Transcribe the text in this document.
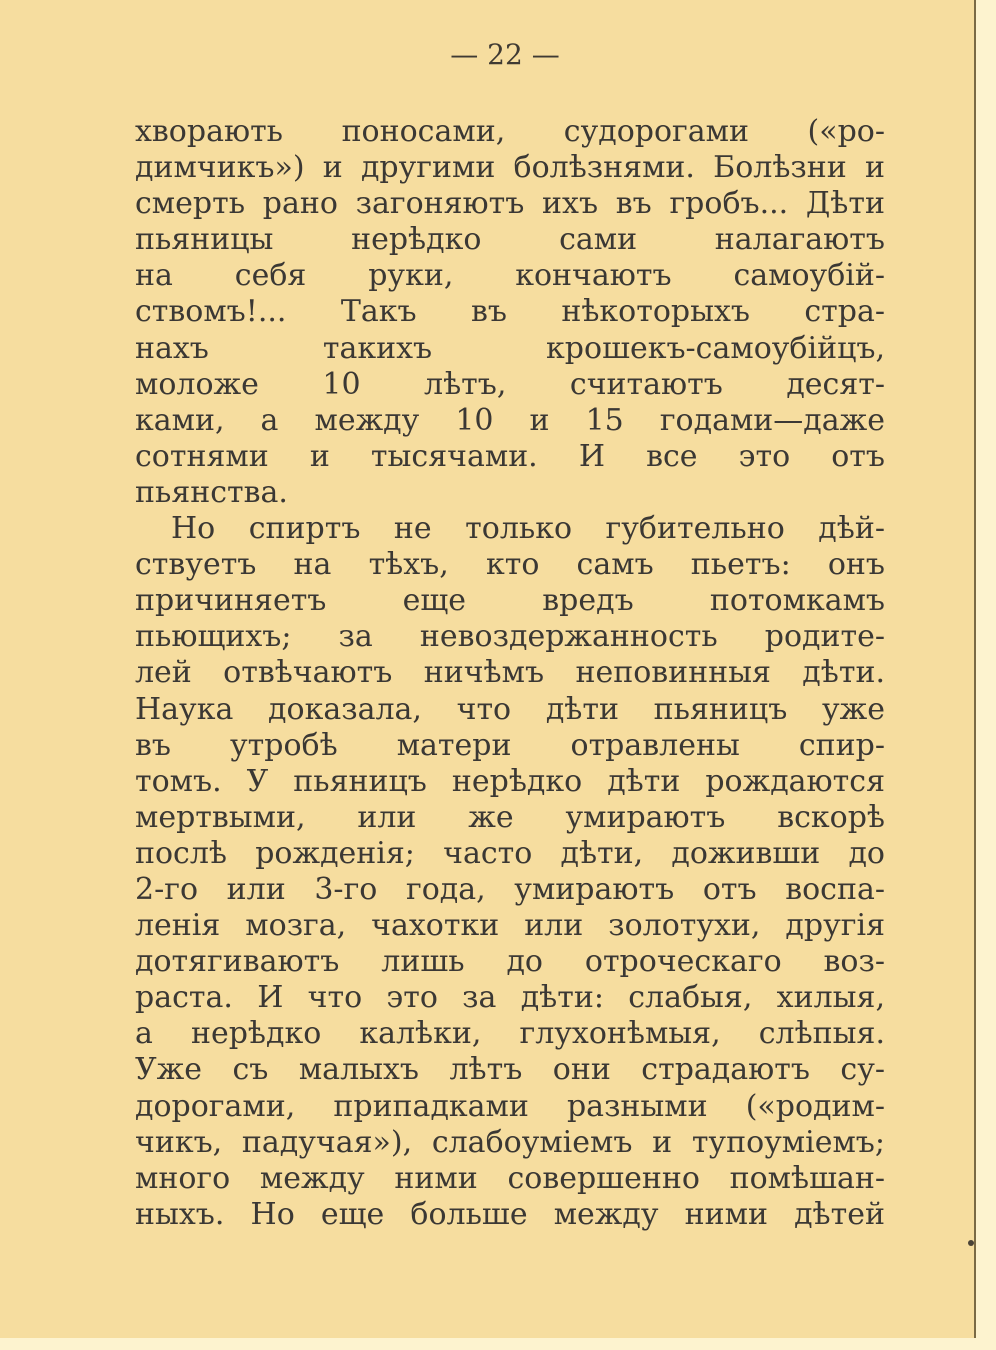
— 22 —
хворають поносами, судорогами («ро-
димчикъ») и другими болѣзнями. Болѣзни и
смерть рано загоняютъ ихъ въ гробъ... Дѣти
пьяницы нерѣдко сами налагаютъ
на себя руки, кончаютъ самоубій-
ствомъ!... Такъ въ нѣкоторыхъ стра-
нахъ такихъ крошекъ-самоубійцъ,
моложе 10 лѣтъ, считаютъ десят-
ками, а между 10 и 15 годами—даже
сотнями и тысячами. И все это отъ
пьянства.
Но спиртъ не только губительно дѣй-
ствуетъ на тѣхъ, кто самъ пьетъ: онъ
причиняетъ еще вредъ потомкамъ
пьющихъ; за невоздержанность родите-
лей отвѣчаютъ ничѣмъ неповинныя дѣти.
Наука доказала, что дѣти пьяницъ уже
въ утробѣ матери отравлены спир-
томъ. У пьяницъ нерѣдко дѣти рождаются
мертвыми, или же умираютъ вскорѣ
послѣ рожденія; часто дѣти, доживши до
2-го или 3-го года, умираютъ отъ воспа-
ленія мозга, чахотки или золотухи, другія
дотягиваютъ лишь до отроческаго воз-
раста. И что это за дѣти: слабыя, хилыя,
а нерѣдко калѣки, глухонѣмыя, слѣпыя.
Уже съ малыхъ лѣтъ они страдаютъ су-
дорогами, припадками разными («родим-
чикъ, падучая»), слабоуміемъ и тупоуміемъ;
много между ними совершенно помѣшан-
ныхъ. Но еще больше между ними дѣтей
